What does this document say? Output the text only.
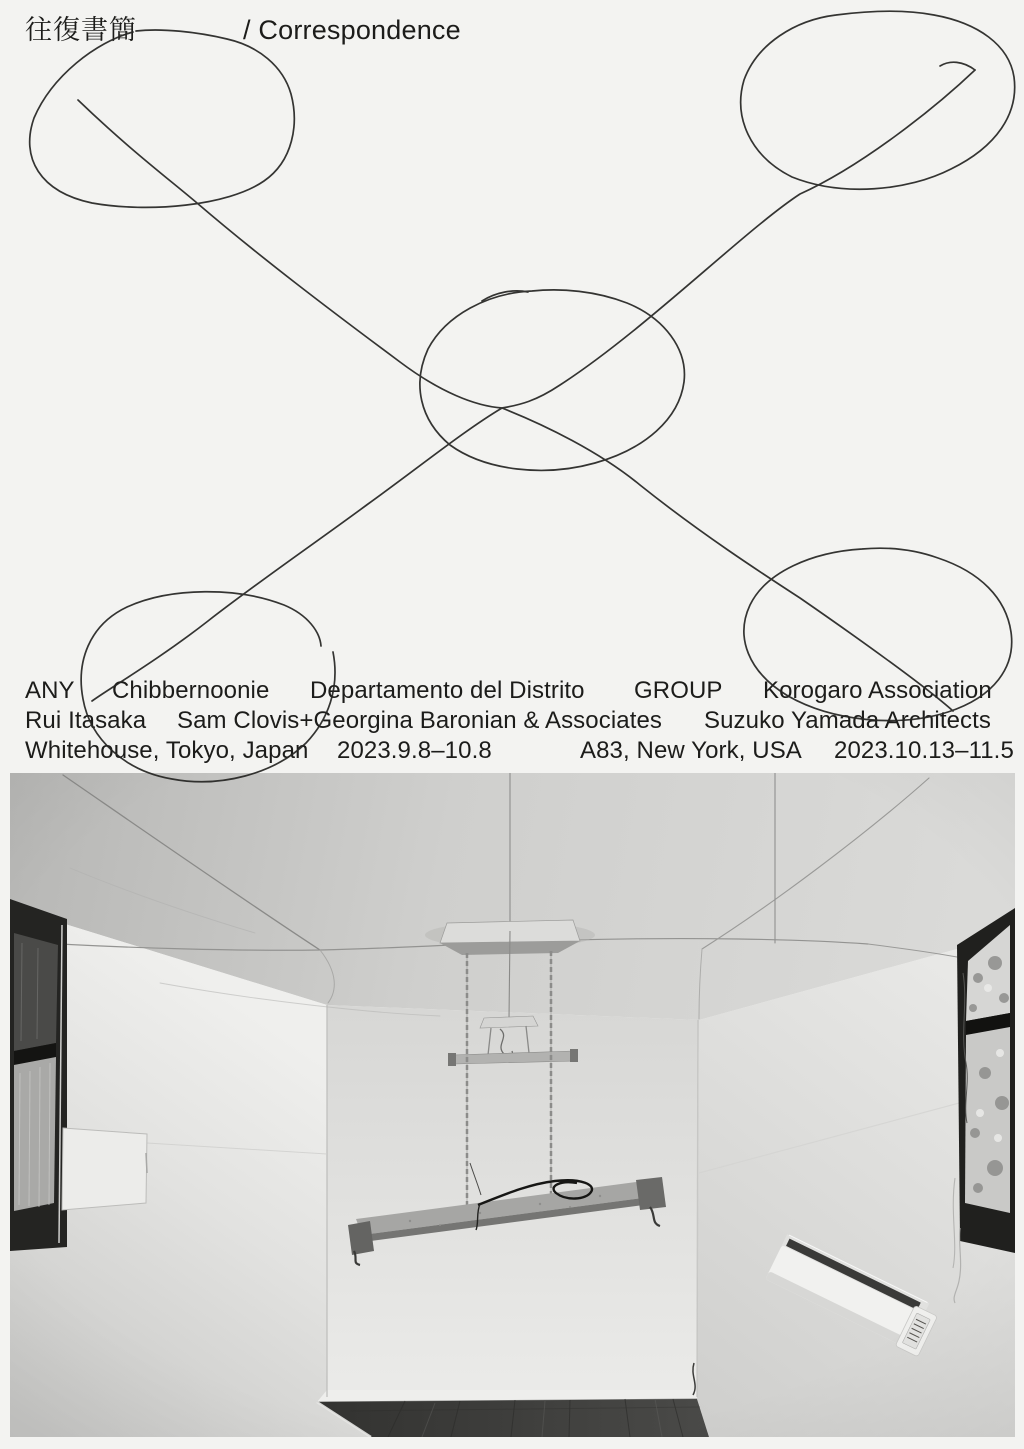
往復書簡	/ Correspondence
ANY Chibbernoonie Departamento del Distrito GROUP Korogaro Association
Rui Itasaka Sam Clovis+Georgina Baronian & Associates Suzuko Yamada Architects
Whitehouse, Tokyo, Japan 2023.9.8–10.8	A83, New York, USA 2023.10.13–11.5
